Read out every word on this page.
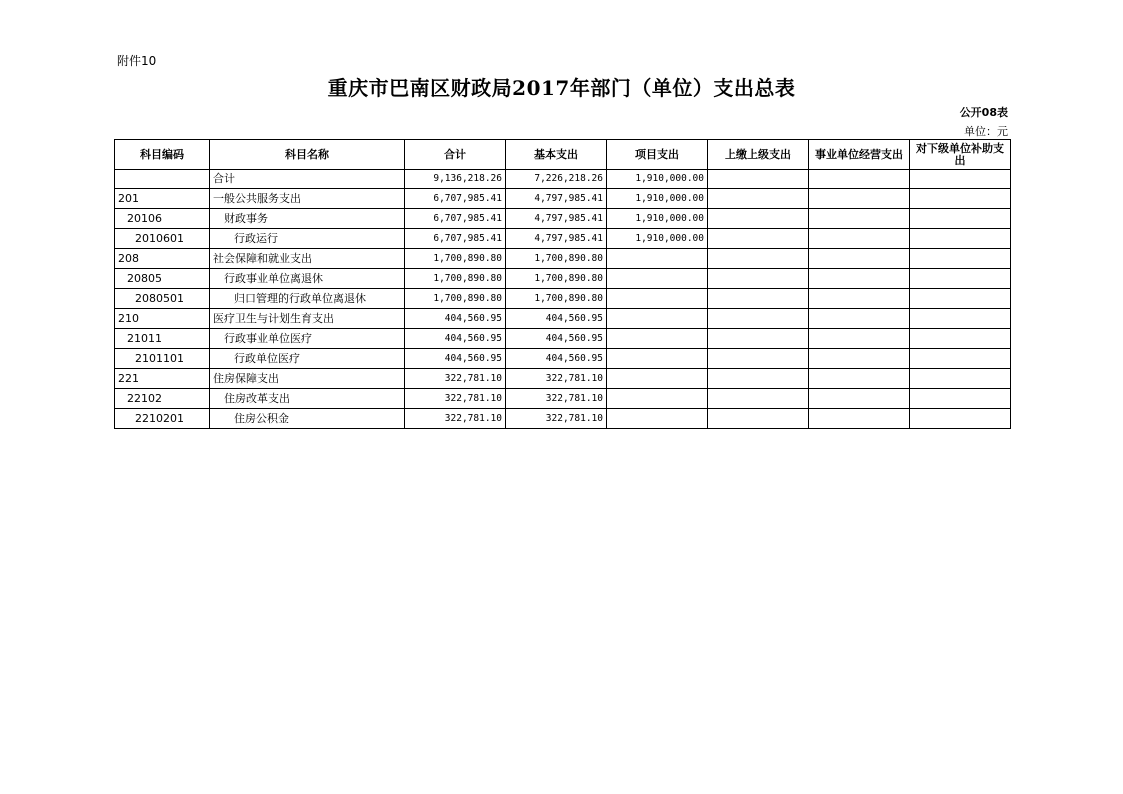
附件10
重庆市巴南区财政局2017年部门（单位）支出总表
公开08表
单位：元
科目编码	科目名称	合计	基本支出	项目支出	上缴上级支出	事业单位经营支出	对下级单位补助支出
	合计	9,136,218.26	7,226,218.26	1,910,000.00			
201	一般公共服务支出	6,707,985.41	4,797,985.41	1,910,000.00			
20106	财政事务	6,707,985.41	4,797,985.41	1,910,000.00			
2010601	行政运行	6,707,985.41	4,797,985.41	1,910,000.00			
208	社会保障和就业支出	1,700,890.80	1,700,890.80				
20805	行政事业单位离退休	1,700,890.80	1,700,890.80				
2080501	归口管理的行政单位离退休	1,700,890.80	1,700,890.80				
210	医疗卫生与计划生育支出	404,560.95	404,560.95				
21011	行政事业单位医疗	404,560.95	404,560.95				
2101101	行政单位医疗	404,560.95	404,560.95				
221	住房保障支出	322,781.10	322,781.10				
22102	住房改革支出	322,781.10	322,781.10				
2210201	住房公积金	322,781.10	322,781.10				
